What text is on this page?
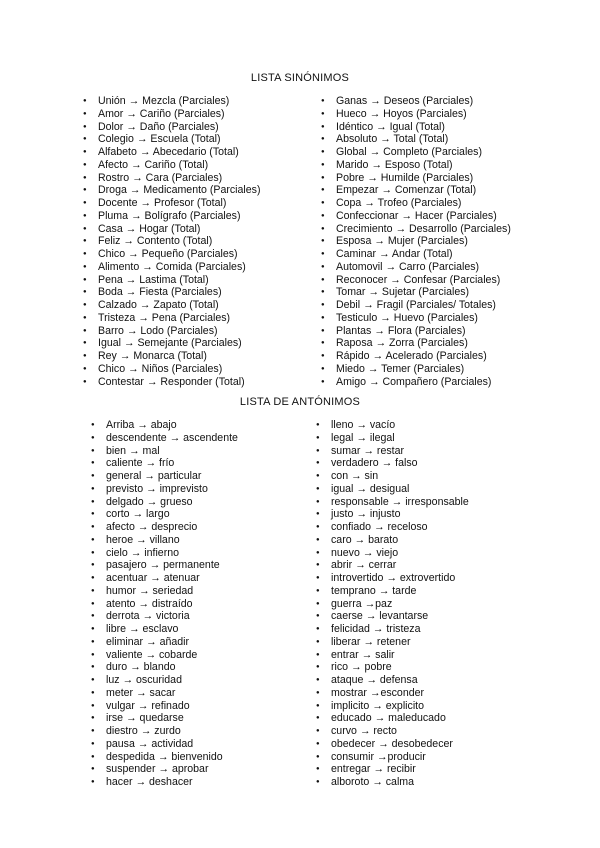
LISTA SINÓNIMOS
● Unión → Mezcla (Parciales)
● Amor → Cariño (Parciales)
● Dolor → Daño (Parciales)
● Colegio → Escuela (Total)
● Alfabeto → Abecedario (Total)
● Afecto → Cariño (Total)
● Rostro → Cara (Parciales)
● Droga → Medicamento (Parciales)
● Docente → Profesor (Total)
● Pluma → Bolígrafo (Parciales)
● Casa → Hogar (Total)
● Feliz → Contento (Total)
● Chico → Pequeño (Parciales)
● Alimento → Comida (Parciales)
● Pena → Lastima (Total)
● Boda → Fiesta (Parciales)
● Calzado → Zapato (Total)
● Tristeza → Pena (Parciales)
● Barro → Lodo (Parciales)
● Igual → Semejante (Parciales)
● Rey → Monarca (Total)
● Chico → Niños (Parciales)
● Contestar → Responder (Total)
● Ganas → Deseos (Parciales)
● Hueco → Hoyos (Parciales)
● Idéntico → Igual (Total)
● Absoluto → Total (Total)
● Global → Completo (Parciales)
● Marido → Esposo (Total)
● Pobre → Humilde (Parciales)
● Empezar → Comenzar (Total)
● Copa → Trofeo (Parciales)
● Confeccionar → Hacer (Parciales)
● Crecimiento → Desarrollo (Parciales)
● Esposa → Mujer (Parciales)
● Caminar → Andar (Total)
● Automovil → Carro (Parciales)
● Reconocer → Confesar (Parciales)
● Tomar → Sujetar (Parciales)
● Debil → Fragil (Parciales/ Totales)
● Testiculo → Huevo (Parciales)
● Plantas → Flora (Parciales)
● Raposa → Zorra (Parciales)
● Rápido → Acelerado (Parciales)
● Miedo → Temer (Parciales)
● Amigo → Compañero (Parciales)
LISTA DE ANTÓNIMOS
● Arriba → abajo
● descendente → ascendente
● bien → mal
● caliente → frío
● general → particular
● previsto → imprevisto
● delgado → grueso
● corto → largo
● afecto → desprecio
● heroe → villano
● cielo → infierno
● pasajero → permanente
● acentuar → atenuar
● humor → seriedad
● atento → distraído
● derrota → victoria
● libre → esclavo
● eliminar → añadir
● valiente → cobarde
● duro → blando
● luz → oscuridad
● meter → sacar
● vulgar → refinado
● irse → quedarse
● diestro → zurdo
● pausa → actividad
● despedida → bienvenido
● suspender → aprobar
● hacer → deshacer
● lleno → vacío
● legal → ilegal
● sumar → restar
● verdadero → falso
● con → sin
● igual → desigual
● responsable → irresponsable
● justo → injusto
● confiado → receloso
● caro → barato
● nuevo → viejo
● abrir → cerrar
● introvertido → extrovertido
● temprano → tarde
● guerra →paz
● caerse → levantarse
● felicidad → tristeza
● liberar → retener
● entrar → salir
● rico → pobre
● ataque → defensa
● mostrar →esconder
● implicito → explicito
● educado → maleducado
● curvo → recto
● obedecer → desobedecer
● consumir →producir
● entregar → recibir
● alboroto → calma
